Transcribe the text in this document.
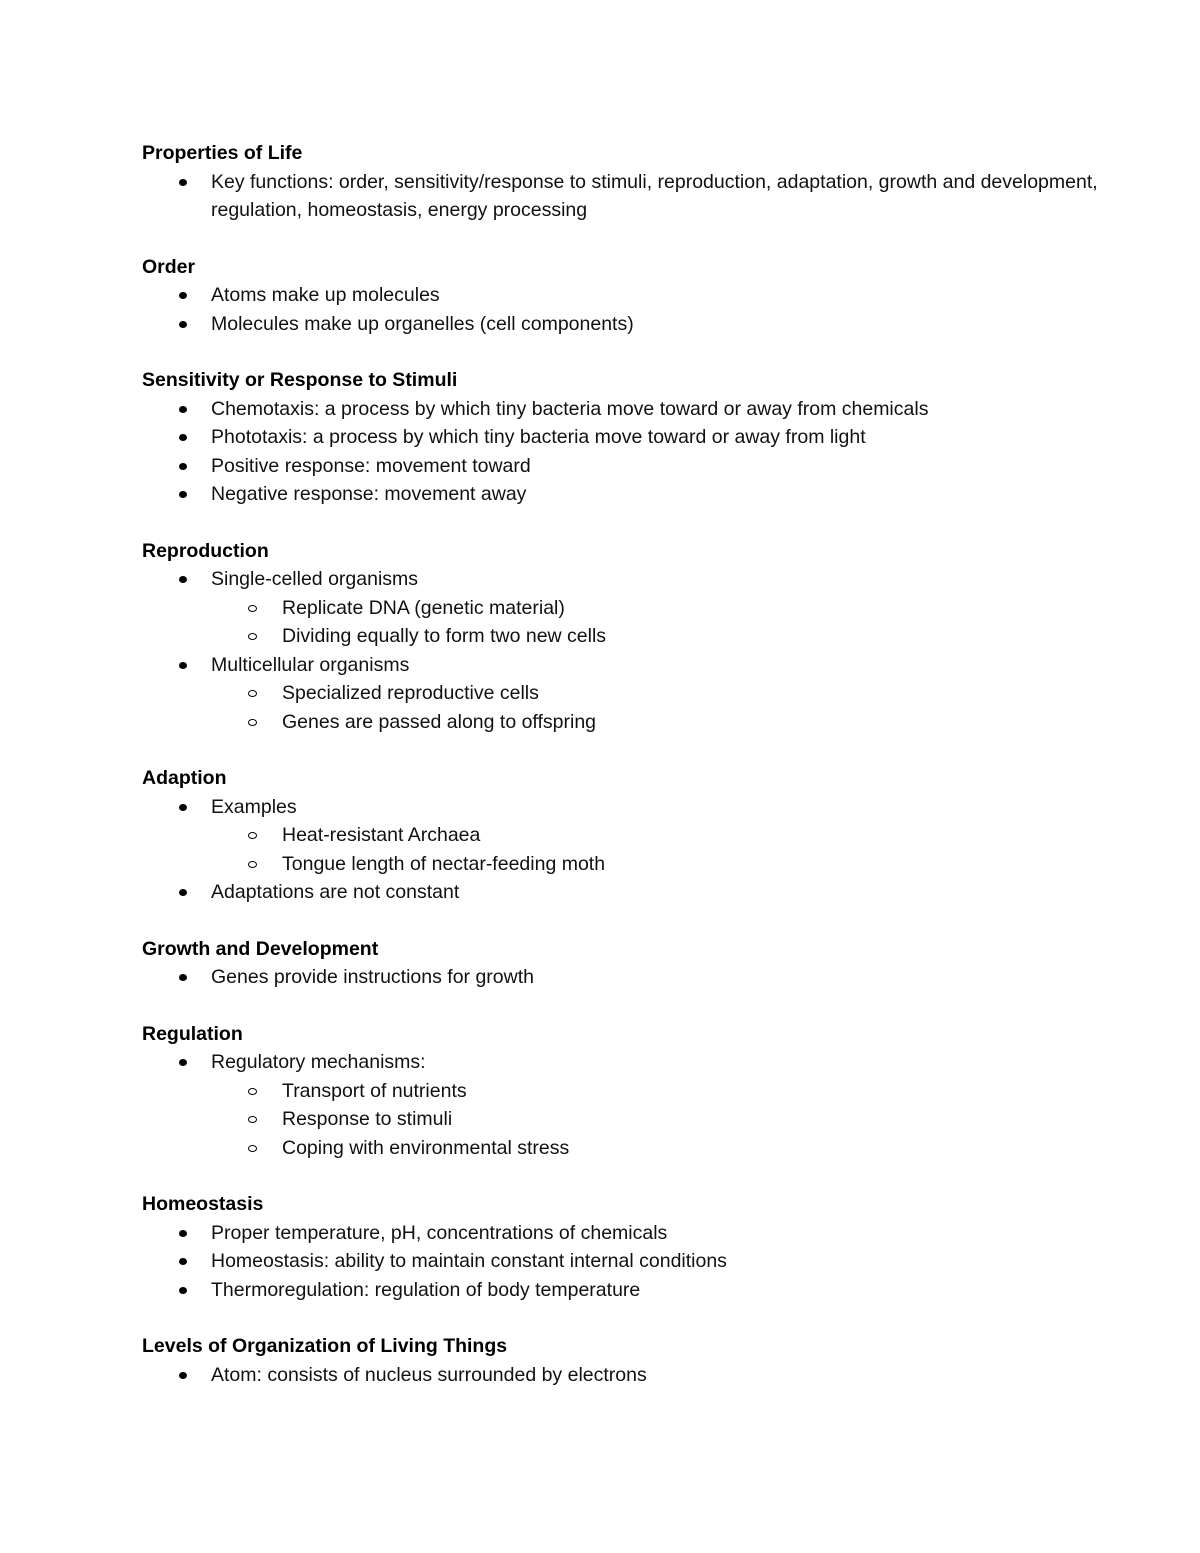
Properties of Life
Key functions: order, sensitivity/response to stimuli, reproduction, adaptation, growth and development, regulation, homeostasis, energy processing
Order
Atoms make up molecules
Molecules make up organelles (cell components)
Sensitivity or Response to Stimuli
Chemotaxis: a process by which tiny bacteria move toward or away from chemicals
Phototaxis: a process by which tiny bacteria move toward or away from light
Positive response: movement toward
Negative response: movement away
Reproduction
Single-celled organisms
Replicate DNA (genetic material)
Dividing equally to form two new cells
Multicellular organisms
Specialized reproductive cells
Genes are passed along to offspring
Adaption
Examples
Heat-resistant Archaea
Tongue length of nectar-feeding moth
Adaptations are not constant
Growth and Development
Genes provide instructions for growth
Regulation
Regulatory mechanisms:
Transport of nutrients
Response to stimuli
Coping with environmental stress
Homeostasis
Proper temperature, pH, concentrations of chemicals
Homeostasis: ability to maintain constant internal conditions
Thermoregulation: regulation of body temperature
Levels of Organization of Living Things
Atom: consists of nucleus surrounded by electrons
